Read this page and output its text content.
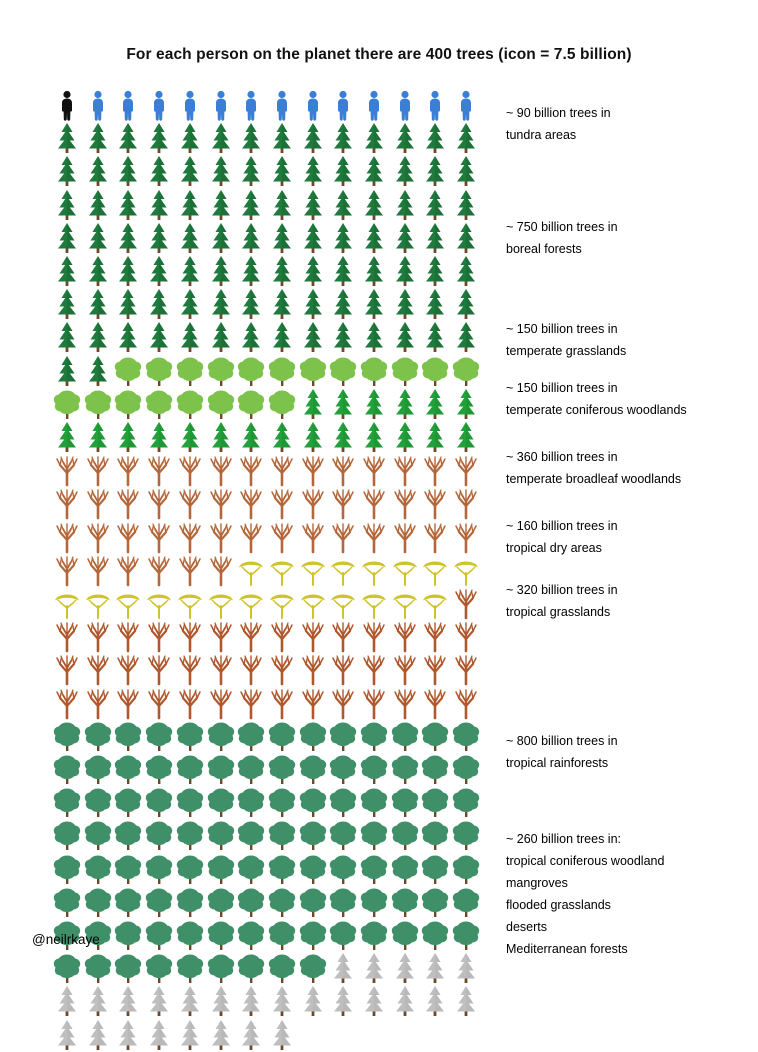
For each person on the planet there are 400 trees (icon = 7.5 billion)
~ 90 billion trees in
tundra areas
~ 750 billion trees in
boreal forests
~ 150 billion trees in
temperate grasslands
~ 150 billion trees in
temperate coniferous woodlands
~ 360 billion trees in
temperate broadleaf woodlands
~ 160 billion trees in
tropical dry areas
~ 320 billion trees in
tropical grasslands
~ 800 billion trees in
tropical rainforests
~ 260 billion trees in:
tropical coniferous woodland
mangroves
flooded grasslands
deserts
Mediterranean forests
@neilrkaye
